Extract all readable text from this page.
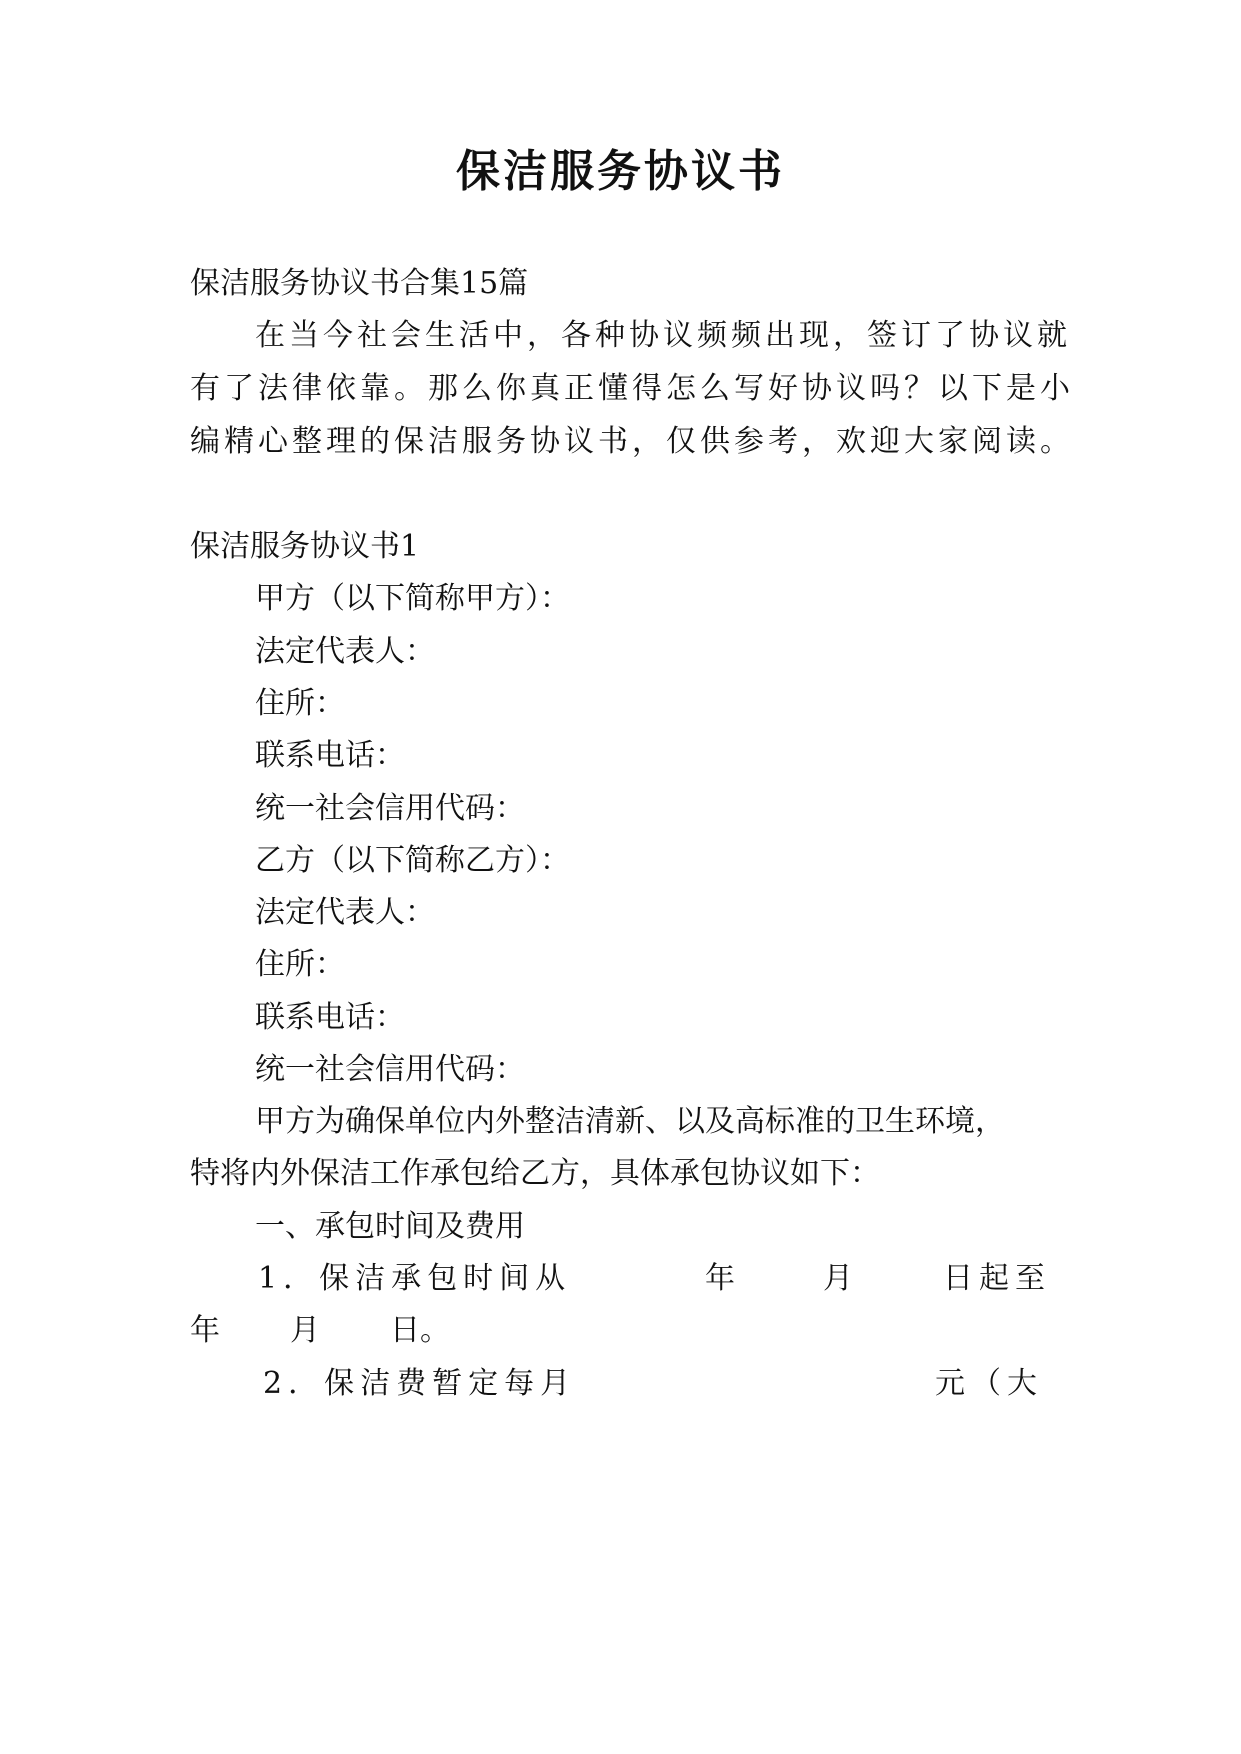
保洁服务协议书
保洁服务协议书合集15篇
在当今社会生活中，各种协议频频出现，签订了协议就
有了法律依靠。那么你真正懂得怎么写好协议吗？以下是小
编精心整理的保洁服务协议书，仅供参考，欢迎大家阅读。
保洁服务协议书1
甲方（以下简称甲方）：
法定代表人：
住所：
联系电话：
统一社会信用代码：
乙方（以下简称乙方）：
法定代表人：
住所：
联系电话：
统一社会信用代码：
甲方为确保单位内外整洁清新、以及高标准的卫生环境，
特将内外保洁工作承包给乙方，具体承包协议如下：
一、承包时间及费用
1．保洁承包时间从	年	月	日起至
年 月 日。
2．保洁费暂定每月	元（大
